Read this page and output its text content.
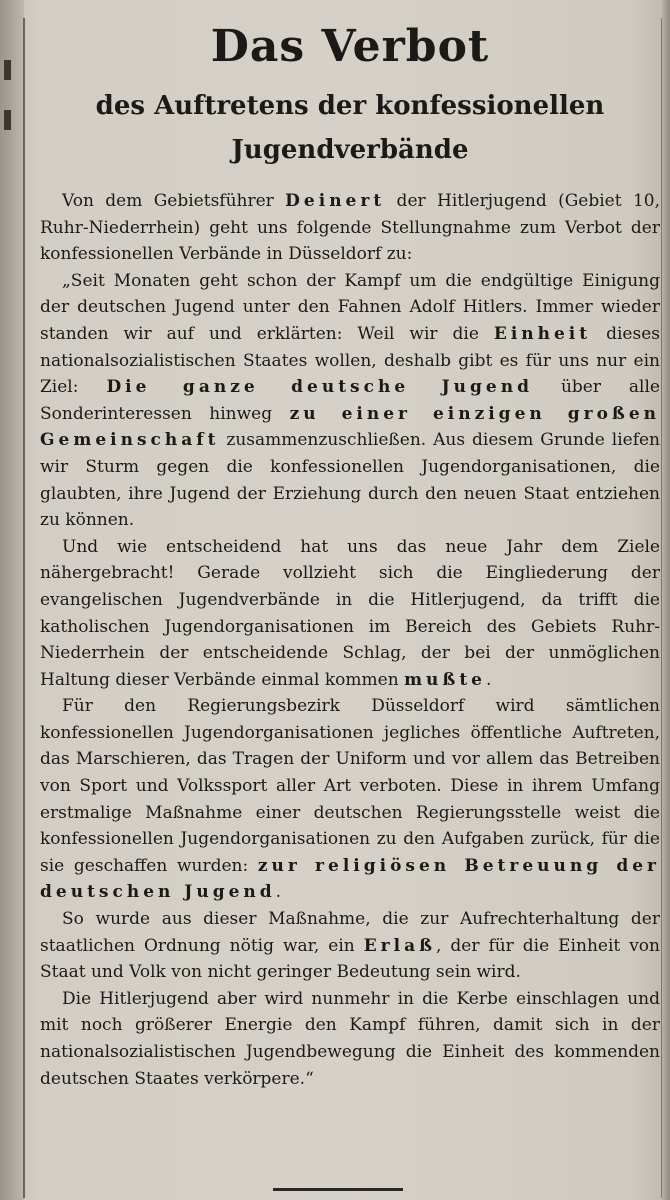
Das Verbot
des Auftretens der konfessionellen Jugendverbände

Von dem Gebietsführer Deinert der Hitlerjugend (Gebiet 10, Ruhr-Niederrhein) geht uns folgende Stellungnahme zum Verbot der konfessionellen Verbände in Düsseldorf zu:

„Seit Monaten geht schon der Kampf um die endgültige Einigung der deutschen Jugend unter den Fahnen Adolf Hitlers. Immer wieder standen wir auf und erklärten: Weil wir die Einheit dieses nationalsozialistischen Staates wollen, deshalb gibt es für uns nur ein Ziel: Die ganze deutsche Jugend über alle Sonderinteressen hinweg zu einer einzigen großen Gemeinschaft zusammenzuschließen. Aus diesem Grunde liefen wir Sturm gegen die konfessionellen Jugendorganisationen, die glaubten, ihre Jugend der Erziehung durch den neuen Staat entziehen zu können.

Und wie entscheidend hat uns das neue Jahr dem Ziele nähergebracht! Gerade vollzieht sich die Eingliederung der evangelischen Jugendverbände in die Hitlerjugend, da trifft die katholischen Jugendorganisationen im Bereich des Gebiets Ruhr-Niederrhein der entscheidende Schlag, der bei der unmöglichen Haltung dieser Verbände einmal kommen mußte.

Für den Regierungsbezirk Düsseldorf wird sämtlichen konfessionellen Jugendorganisationen jegliches öffentliche Auftreten, das Marschieren, das Tragen der Uniform und vor allem das Betreiben von Sport und Volkssport aller Art verboten. Diese in ihrem Umfang erstmalige Maßnahme einer deutschen Regierungsstelle weist die konfessionellen Jugendorganisationen zu den Aufgaben zurück, für die sie geschaffen wurden: zur religiösen Betreuung der deutschen Jugend.

So wurde aus dieser Maßnahme, die zur Aufrechterhaltung der staatlichen Ordnung nötig war, ein Erlaß, der für die Einheit von Staat und Volk von nicht geringer Bedeutung sein wird.

Die Hitlerjugend aber wird nunmehr in die Kerbe einschlagen und mit noch größerer Energie den Kampf führen, damit sich in der nationalsozialistischen Jugendbewegung die Einheit des kommenden deutschen Staates verkörpere.“
